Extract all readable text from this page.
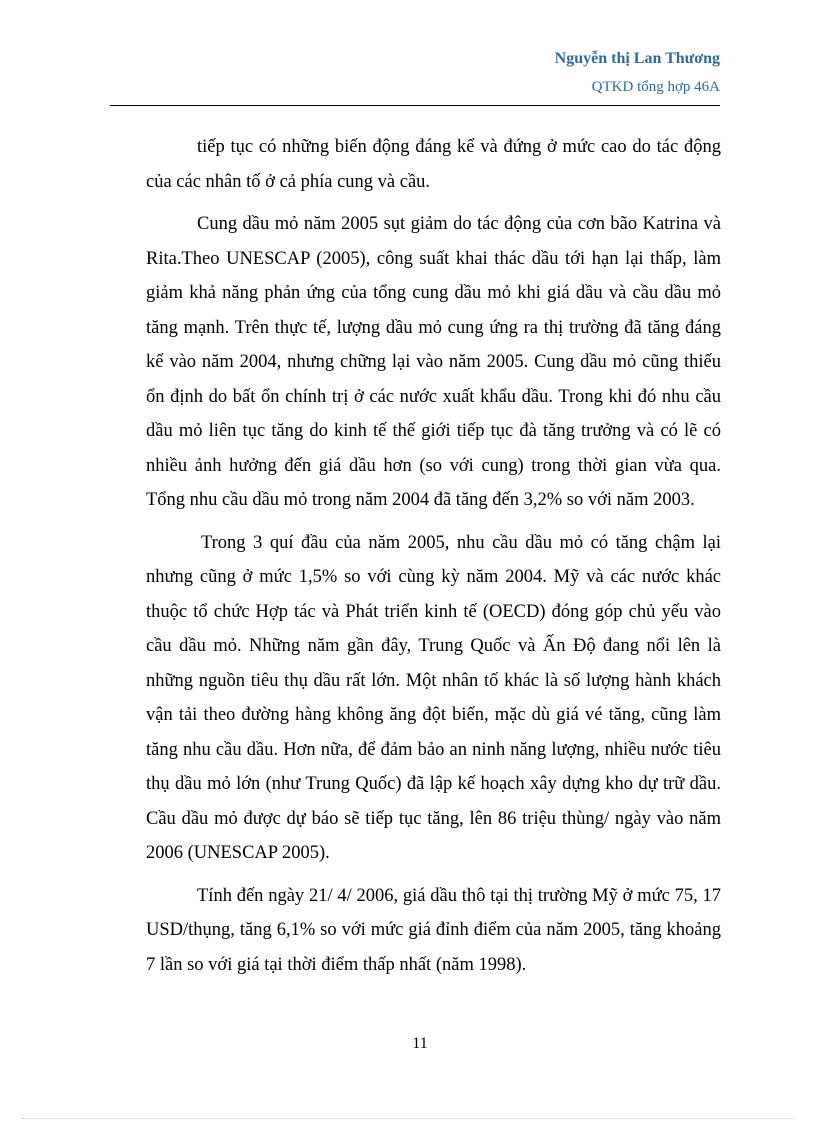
Nguyễn thị Lan Thương
QTKD tổng hợp 46A

tiếp tục có những biến động đáng kể và đứng ở mức cao do tác động của các nhân tố ở cả phía cung và cầu.

Cung dầu mỏ năm 2005 sụt giảm do tác động của cơn bão Katrina và Rita.Theo UNESCAP (2005), công suất khai thác dầu tới hạn lại thấp, làm giảm khả năng phản ứng của tổng cung dầu mỏ khi giá dầu và cầu dầu mỏ tăng mạnh. Trên thực tế, lượng dầu mỏ cung ứng ra thị trường đã tăng đáng kể vào năm 2004, nhưng chững lại vào năm 2005. Cung dầu mỏ cũng thiếu ổn định do bất ổn chính trị ở các nước xuất khẩu dầu. Trong khi đó nhu cầu dầu mỏ liên tục tăng do kinh tế thế giới tiếp tục đà tăng trưởng và có lẽ có nhiều ảnh hưởng đến giá dầu hơn (so với cung) trong thời gian vừa qua. Tổng nhu cầu dầu mỏ trong năm 2004 đã tăng đến 3,2% so với năm 2003.

Trong 3 quí đầu của năm 2005, nhu cầu dầu mỏ có tăng chậm lại nhưng cũng ở mức 1,5% so với cùng kỳ năm 2004. Mỹ và các nước khác thuộc tổ chức Hợp tác và Phát triển kinh tế (OECD) đóng góp chủ yếu vào cầu dầu mỏ. Những năm gần đây, Trung Quốc và Ấn Độ đang nổi lên là những nguồn tiêu thụ dầu rất lớn. Một nhân tố khác là số lượng hành khách vận tải theo đường hàng không ăng đột biến, mặc dù giá vé tăng, cũng làm tăng nhu cầu dầu. Hơn nữa, để đảm bảo an ninh năng lượng, nhiều nước tiêu thụ dầu mỏ lớn (như Trung Quốc) đã lập kế hoạch xây dựng kho dự trữ dầu. Cầu dầu mỏ được dự báo sẽ tiếp tục tăng, lên 86 triệu thùng/ ngày vào năm 2006 (UNESCAP 2005).

Tính đến ngày 21/ 4/ 2006, giá dầu thô tại thị trường Mỹ ở mức 75, 17 USD/thụng, tăng 6,1% so với mức giá đỉnh điểm của năm 2005, tăng khoảng 7 lần so với giá tại thời điểm thấp nhất (năm 1998).

11
